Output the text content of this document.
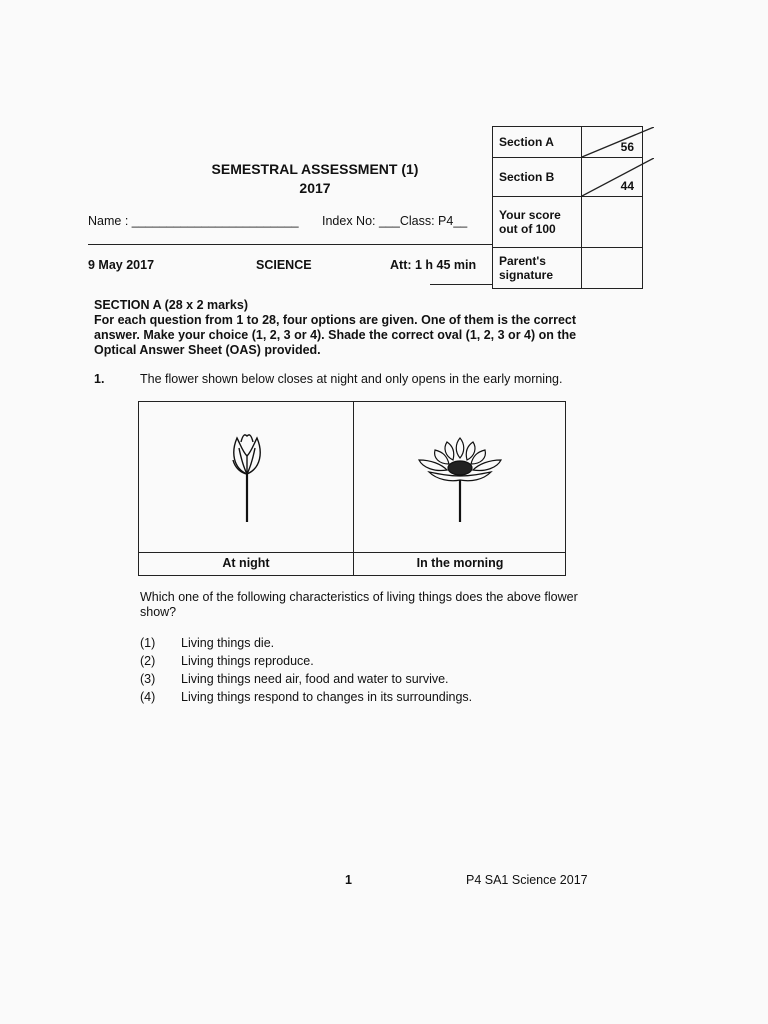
SEMESTRAL ASSESSMENT (1)
2017
Name : ________________________ Index No: ___Class: P4__
9 May 2017	SCIENCE	Att: 1 h 45 min
Section A	56

Section B	44

Your score out of 100	
Parent's signature	
SECTION A (28 x 2 marks)
For each question from 1 to 28, four options are given. One of them is the correct answer. Make your choice (1, 2, 3 or 4). Shade the correct oval (1, 2, 3 or 4) on the Optical Answer Sheet (OAS) provided.
1.	The flower shown below closes at night and only opens in the early morning.
At night	In the morning
Which one of the following characteristics of living things does the above flower show?
(1)	Living things die.
(2)	Living things reproduce.
(3)	Living things need air, food and water to survive.
(4)	Living things respond to changes in its surroundings.
1	P4 SA1 Science 2017
